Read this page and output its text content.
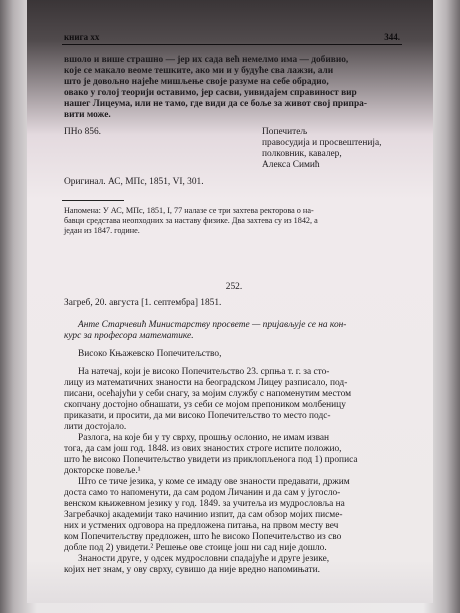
книга xx	344.
вшоло и више страшно — јер их сада већ немелмо има — добивио,
које се макало веоме тешките, ако ми и у будуће сва лажзи, али
што је довољно најеће мишљење своје разуме на себе обрадио,
овако у голој теорији оставимо, јер сасви, уивидајем справиност вир
нашег Лицеума, или не тамо, где види да се боље за живот свој припра-
вити може.
ПНо 856.	Попечитељ
правосудија и просвештенија,
полковник, кавалер,
Алекса Симић
Оригинал. АС, МПс, 1851, VI, 301.
Напомена: У АС, МПс, 1851, I, 77 налазе се три захтева ректорова о на-
бавци средстава неопходних за наставу физике. Два захтева су из 1842, а
један из 1847. године.
252.
Загреб, 20. августа [1. септембра] 1851.
Анте Старчевић Министарству просвете — пријављује се на кон-
курс за професора математике.
Високо Књажевско Попечитељство,
На натечај, који је високо Попечитељство 23. српња т. г. за сто-
лицу из математичних знаности на београдском Лицеу разписало, под-
писани, осећајући у себи снагу, за мојим службу с напоменутим местом
скопчану достојно обнашати, уз себи се мојом препоником молбеницу
приказати, и просити, да ми високо Попечитељство то место подс-
лити достојало.
Разлога, на које би у ту сврху, прошњу ослонио, не имам изван
тога, да сам још год. 1848. из ових знаностих строге испите положио,
што ће високо Попечитељство увидети из приклопљенога под 1) прописа
докторске повеље.¹
Што се тиче језика, у коме се имаду ове знаности предавати, држим
доста само то напоменути, да сам родом Личанин и да сам у југосло-
венском књижевном језику у год. 1849. за учитеља из мудрословља на
Загребачкој академији тако начинио изпит, да сам обзор мојих писме-
них и устмених одговора на предложена питања, на првом месту веч
ком Попечитељству предложен, што ће високо Попечитељство из сво
добле под 2) увидети.² Решење ове стоице још ни сад није дошло.
Знаности друге, у одсек мудрословни спадајуће и друге језике,
којих нет знам, у ову сврху, сувишо да није вредно напомињати.
